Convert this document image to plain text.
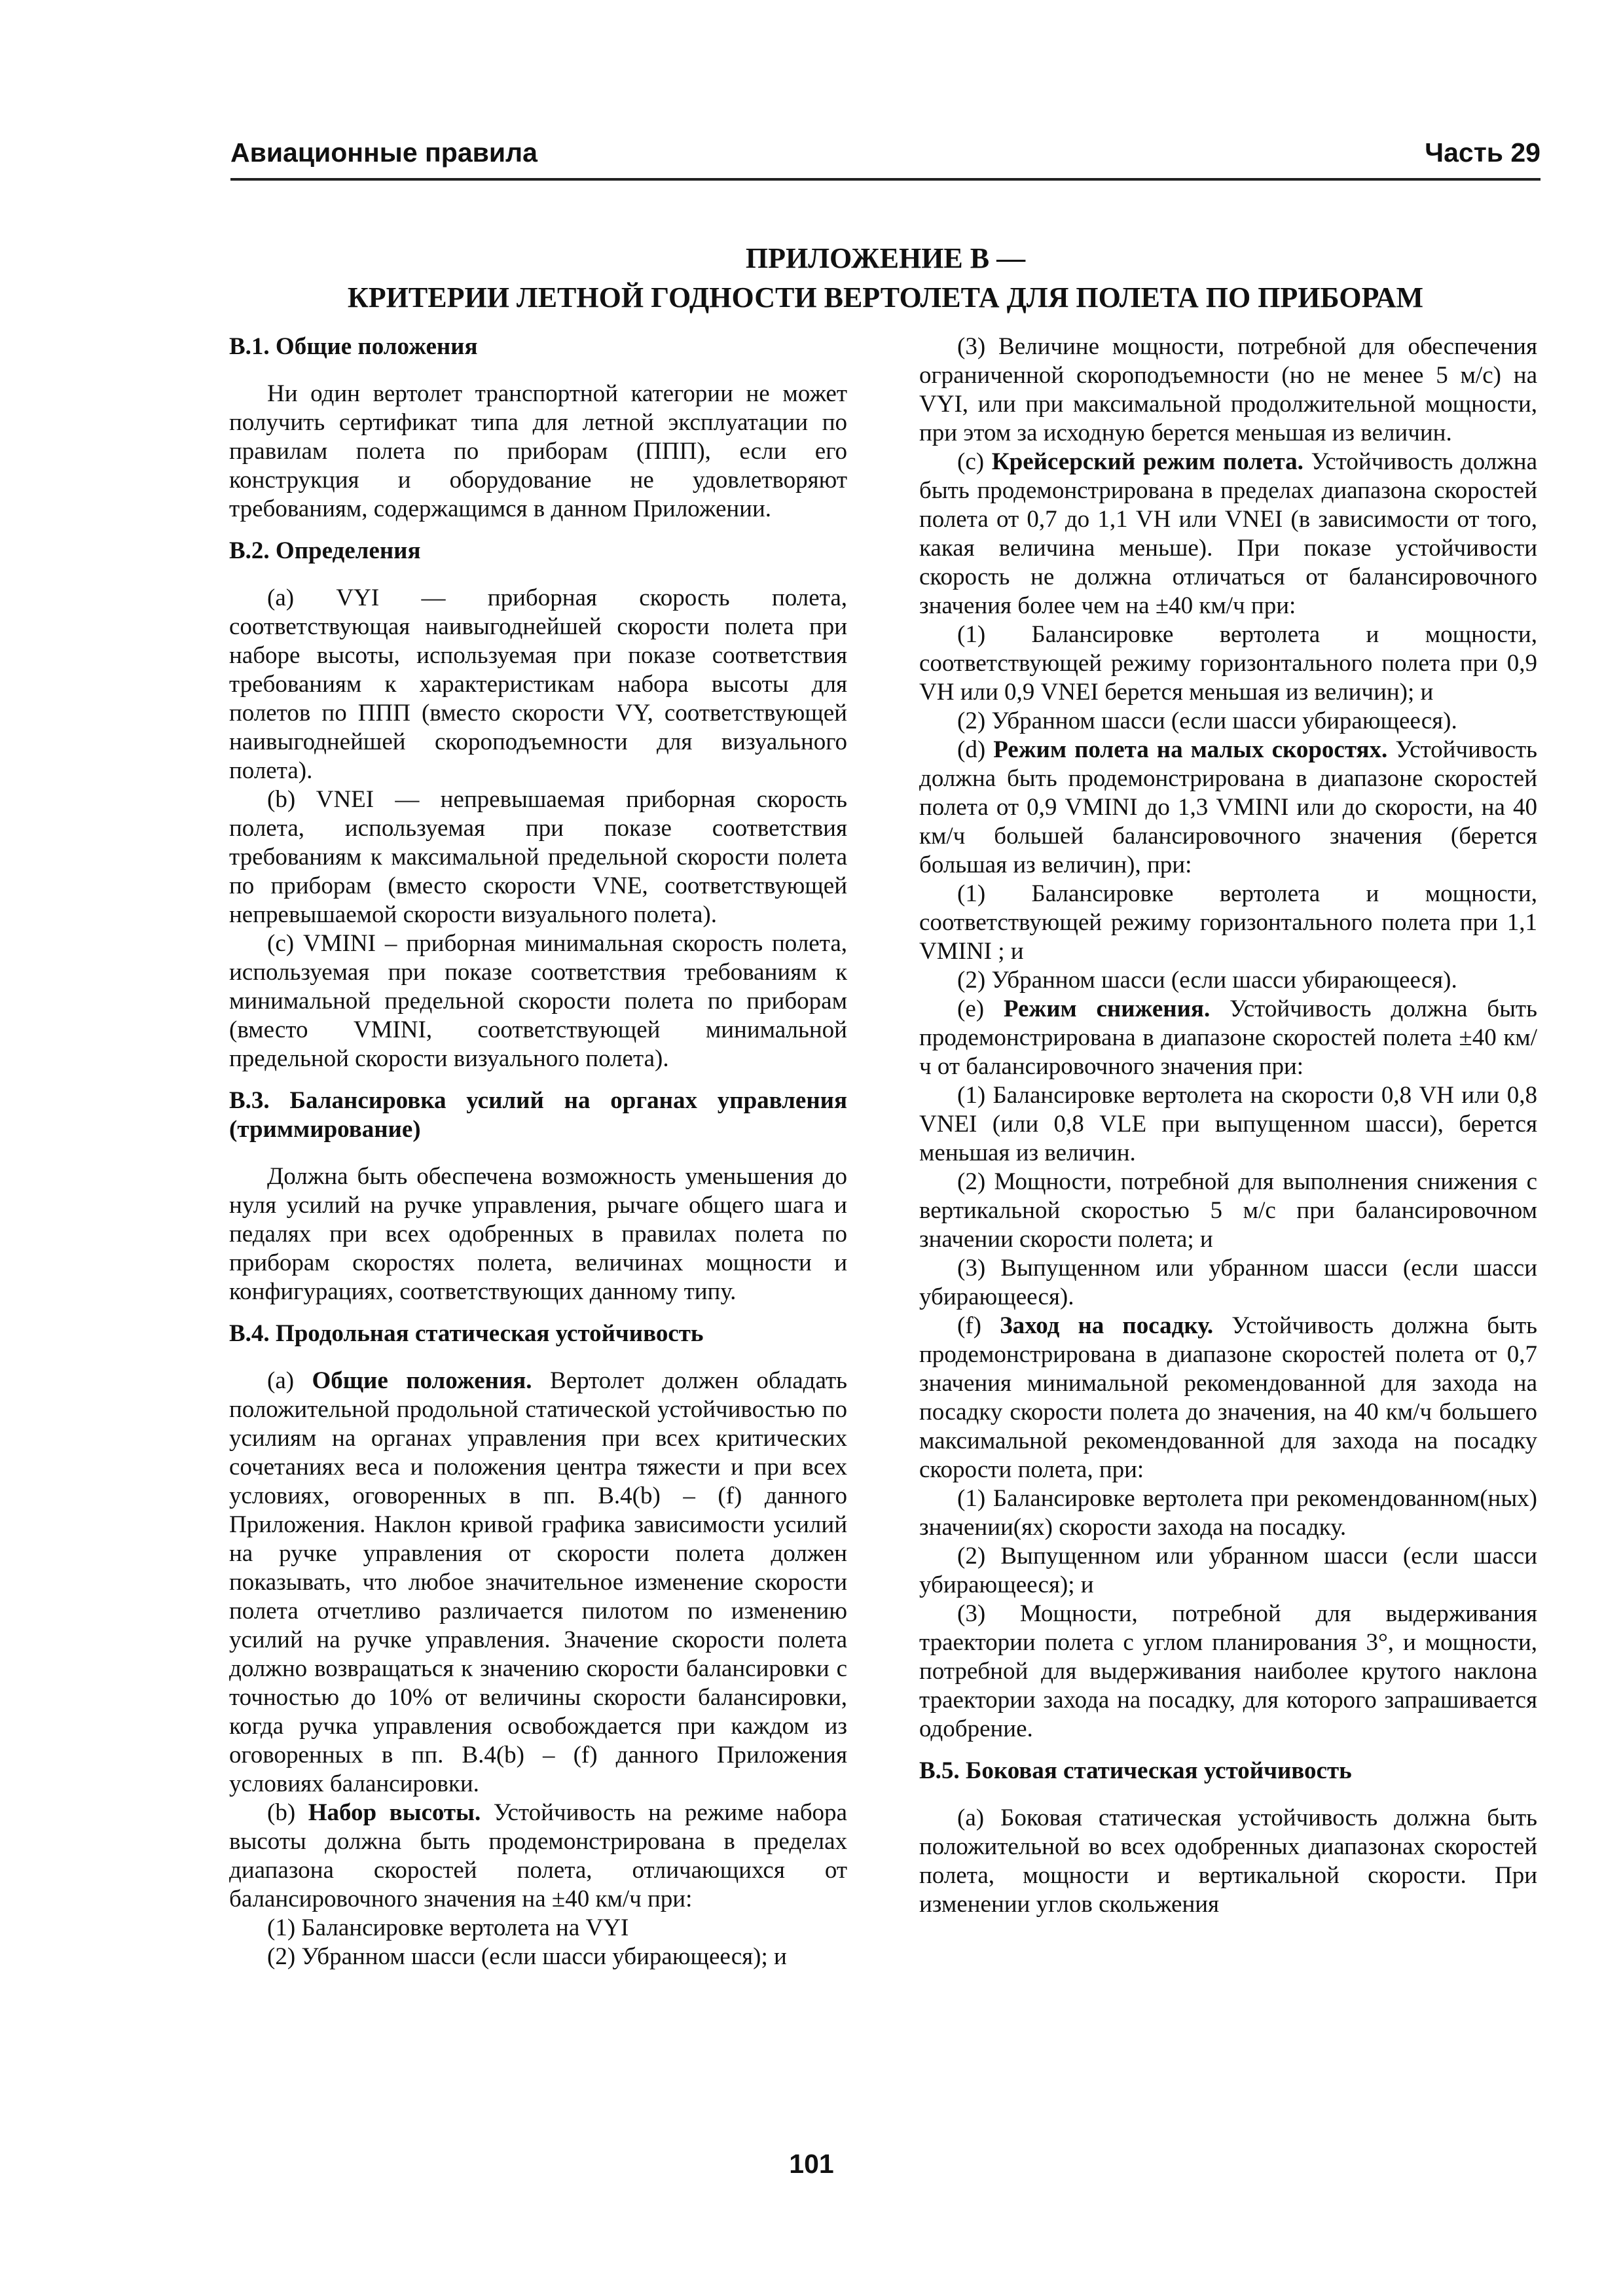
Авиационные правила	Часть 29
ПРИЛОЖЕНИЕ В —
КРИТЕРИИ ЛЕТНОЙ ГОДНОСТИ ВЕРТОЛЕТА ДЛЯ ПОЛЕТА ПО ПРИБОРАМ
В.1. Общие положения

Ни один вертолет транспортной категории не может получить сертификат типа для летной эксплуатации по правилам полета по приборам (ППП), если его конструкция и оборудование не удовлетворяют требованиям, содержащимся в данном Приложении.

В.2. Определения

(а) VYI — приборная скорость полета, соответствующая наивыгоднейшей скорости полета при наборе высоты, используемая при показе соответствия требованиям к характеристикам набора высоты для полетов по ППП (вместо скорости VY, соответствующей наивыгоднейшей скороподъемности для визуального полета).

(b) VNEI — непревышаемая приборная скорость полета, используемая при показе соответствия требованиям к максимальной предельной скорости полета по приборам (вместо скорости VNE, соответствующей непревышаемой скорости визуального полета).

(с) VMINI – приборная минимальная скорость полета, используемая при показе соответствия требованиям к минимальной предельной скорости полета по приборам (вместо VMINI, соответствующей минимальной предельной скорости визуального полета).

В.3. Балансировка усилий на органах управления (триммирование)

Должна быть обеспечена возможность уменьшения до нуля усилий на ручке управления, рычаге общего шага и педалях при всех одобренных в правилах полета по приборам скоростях полета, величинах мощности и конфигурациях, соответствующих данному типу.

В.4. Продольная статическая устойчивость

(а) Общие положения. Вертолет должен обладать положительной продольной статической устойчивостью по усилиям на органах управления при всех критических сочетаниях веса и положения центра тяжести и при всех условиях, оговоренных в пп. В.4(b) – (f) данного Приложения. Наклон кривой графика зависимости усилий на ручке управления от скорости полета должен показывать, что любое значительное изменение скорости полета отчетливо различается пилотом по изменению усилий на ручке управления. Значение скорости полета должно возвращаться к значению скорости балансировки с точностью до 10% от величины скорости балансировки, когда ручка управления освобождается при каждом из оговоренных в пп. В.4(b) – (f) данного Приложения условиях балансировки.

(b) Набор высоты. Устойчивость на режиме набора высоты должна быть продемонстрирована в пределах диапазона скоростей полета, отличающихся от балансировочного значения на ±40 км/ч при:

(1) Балансировке вертолета на VYI

(2) Убранном шасси (если шасси убирающееся); и

(3) Величине мощности, потребной для обеспечения ограниченной скороподъемности (но не менее 5 м/с) на VYI, или при максимальной продолжительной мощности, при этом за исходную берется меньшая из величин.

(с) Крейсерский режим полета. Устойчивость должна быть продемонстрирована в пределах диапазона скоростей полета от 0,7 до 1,1 VH или VNEI (в зависимости от того, какая величина меньше). При показе устойчивости скорость не должна отличаться от балансировочного значения более чем на ±40 км/ч при:

(1) Балансировке вертолета и мощности, соответствующей режиму горизонтального полета при 0,9 VH или 0,9 VNEI берется меньшая из величин); и

(2) Убранном шасси (если шасси убирающееся).

(d) Режим полета на малых скоростях. Устойчивость должна быть продемонстрирована в диапазоне скоростей полета от 0,9 VMINI до 1,3 VMINI или до скорости, на 40 км/ч большей балансировочного значения (берется большая из величин), при:

(1) Балансировке вертолета и мощности, соответствующей режиму горизонтального полета при 1,1 VMINI ; и

(2) Убранном шасси (если шасси убирающееся).

(е) Режим снижения. Устойчивость должна быть продемонстрирована в диапазоне скоростей полета ±40 км/ч от балансировочного значения при:

(1) Балансировке вертолета на скорости 0,8 VH или 0,8 VNEI (или 0,8 VLE при выпущенном шасси), берется меньшая из величин.

(2) Мощности, потребной для выполнения снижения с вертикальной скоростью 5 м/с при балансировочном значении скорости полета; и

(3) Выпущенном или убранном шасси (если шасси убирающееся).

(f) Заход на посадку. Устойчивость должна быть продемонстрирована в диапазоне скоростей полета от 0,7 значения минимальной рекомендованной для захода на посадку скорости полета до значения, на 40 км/ч большего максимальной рекомендованной для захода на посадку скорости полета, при:

(1) Балансировке вертолета при рекомендованном(ных) значении(ях) скорости захода на посадку.

(2) Выпущенном или убранном шасси (если шасси убирающееся); и

(3) Мощности, потребной для выдерживания траектории полета с углом планирования 3°, и мощности, потребной для выдерживания наиболее крутого наклона траектории захода на посадку, для которого запрашивается одобрение.

В.5. Боковая статическая устойчивость

(а) Боковая статическая устойчивость должна быть положительной во всех одобренных диапазонах скоростей полета, мощности и вертикальной скорости. При изменении углов скольжения

101
